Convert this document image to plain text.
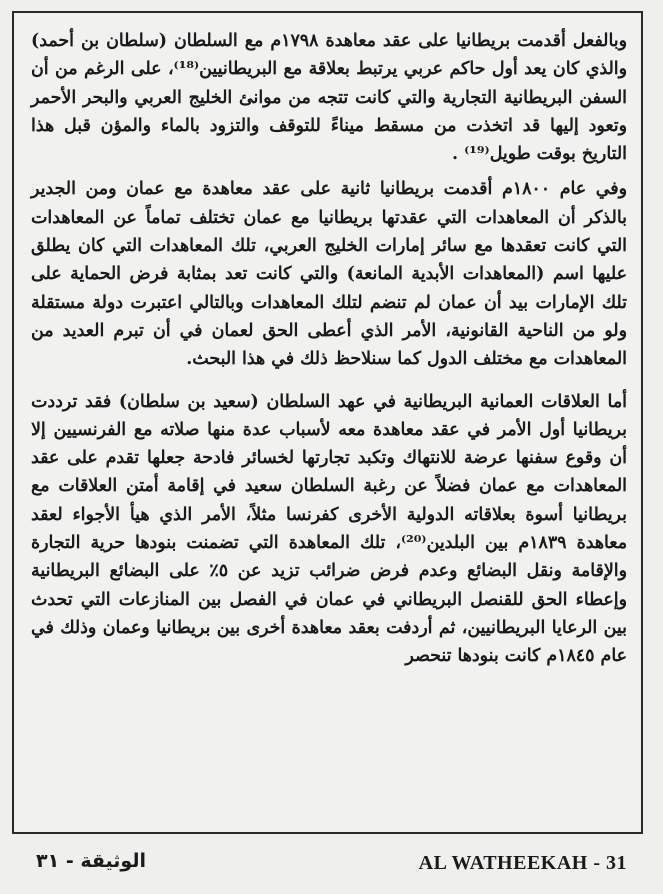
وبالفعل أقدمت بريطانيا على عقد معاهدة ١٧٩٨م مع السلطان (سلطان بن أحمد) والذي كان يعد أول حاكم عربي يرتبط بعلاقة مع البريطانيين⁽¹⁸⁾، على الرغم من أن السفن البريطانية التجارية والتي كانت تتجه من موانئ الخليج العربي والبحر الأحمر وتعود إليها قد اتخذت من مسقط ميناءً للتوقف والتزود بالماء والمؤن قبل هذا التاريخ بوقت طويل⁽¹⁹⁾ .

وفي عام ١٨٠٠م أقدمت بريطانيا ثانية على عقد معاهدة مع عمان ومن الجدير بالذكر أن المعاهدات التي عقدتها بريطانيا مع عمان تختلف تماماً عن المعاهدات التي كانت تعقدها مع سائر إمارات الخليج العربي، تلك المعاهدات التي كان يطلق عليها اسم (المعاهدات الأبدية المانعة) والتي كانت تعد بمثابة فرض الحماية على تلك الإمارات بيد أن عمان لم تنضم لتلك المعاهدات وبالتالي اعتبرت دولة مستقلة ولو من الناحية القانونية، الأمر الذي أعطى الحق لعمان في أن تبرم العديد من المعاهدات مع مختلف الدول كما سنلاحظ ذلك في هذا البحث.

أما العلاقات العمانية البريطانية في عهد السلطان (سعيد بن سلطان) فقد ترددت بريطانيا أول الأمر في عقد معاهدة معه لأسباب عدة منها صلاته مع الفرنسيين إلا أن وقوع سفنها عرضة للانتهاك وتكبد تجارتها لخسائر فادحة جعلها تقدم على عقد المعاهدات مع عمان فضلاً عن رغبة السلطان سعيد في إقامة أمتن العلاقات مع بريطانيا أسوة بعلاقاته الدولية الأخرى كفرنسا مثلاً، الأمر الذي هيأ الأجواء لعقد معاهدة ١٨٣٩م بين البلدين⁽²⁰⁾، تلك المعاهدة التي تضمنت بنودها حرية التجارة والإقامة ونقل البضائع وعدم فرض ضرائب تزيد عن ٥٪ على البضائع البريطانية وإعطاء الحق للقنصل البريطاني في عمان في الفصل بين المنازعات التي تحدث بين الرعايا البريطانيين، ثم أردفت بعقد معاهدة أخرى بين بريطانيا وعمان وذلك في عام ١٨٤٥م كانت بنودها تنحصر

الوثيقة - ٣١	AL WATHEEKAH - 31
